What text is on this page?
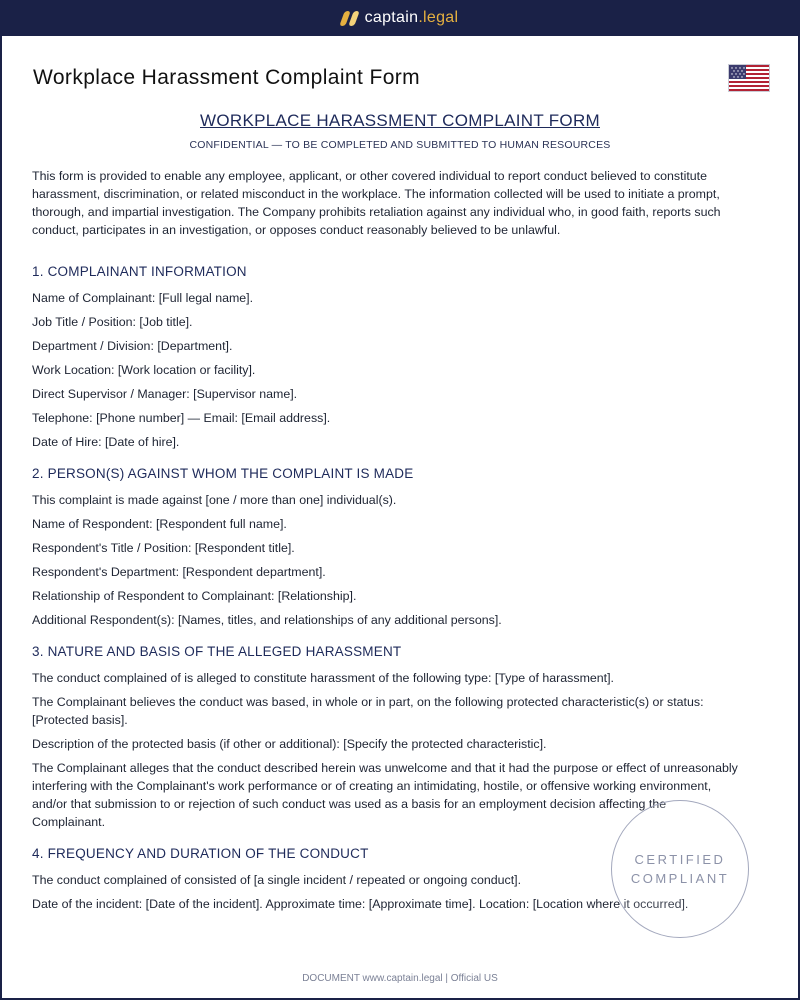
captain.legal
Workplace Harassment Complaint Form
WORKPLACE HARASSMENT COMPLAINT FORM
CONFIDENTIAL — TO BE COMPLETED AND SUBMITTED TO HUMAN RESOURCES

This form is provided to enable any employee, applicant, or other covered individual to report conduct believed to constitute harassment, discrimination, or related misconduct in the workplace. The information collected will be used to initiate a prompt, thorough, and impartial investigation. The Company prohibits retaliation against any individual who, in good faith, reports such conduct, participates in an investigation, or opposes conduct reasonably believed to be unlawful.

1. COMPLAINANT INFORMATION
Name of Complainant: [Full legal name].
Job Title / Position: [Job title].
Department / Division: [Department].
Work Location: [Work location or facility].
Direct Supervisor / Manager: [Supervisor name].
Telephone: [Phone number] — Email: [Email address].
Date of Hire: [Date of hire].
2. PERSON(S) AGAINST WHOM THE COMPLAINT IS MADE
This complaint is made against [one / more than one] individual(s).
Name of Respondent: [Respondent full name].
Respondent's Title / Position: [Respondent title].
Respondent's Department: [Respondent department].
Relationship of Respondent to Complainant: [Relationship].
Additional Respondent(s): [Names, titles, and relationships of any additional persons].
3. NATURE AND BASIS OF THE ALLEGED HARASSMENT
The conduct complained of is alleged to constitute harassment of the following type: [Type of harassment].
The Complainant believes the conduct was based, in whole or in part, on the following protected characteristic(s) or status: [Protected basis].
Description of the protected basis (if other or additional): [Specify the protected characteristic].
The Complainant alleges that the conduct described herein was unwelcome and that it had the purpose or effect of unreasonably interfering with the Complainant's work performance or of creating an intimidating, hostile, or offensive working environment, and/or that submission to or rejection of such conduct was used as a basis for an employment decision affecting the Complainant.
4. FREQUENCY AND DURATION OF THE CONDUCT
The conduct complained of consisted of [a single incident / repeated or ongoing conduct].
Date of the incident: [Date of the incident]. Approximate time: [Approximate time]. Location: [Location where it occurred].
CERTIFIED
COMPLIANT
DOCUMENT www.captain.legal | Official US
